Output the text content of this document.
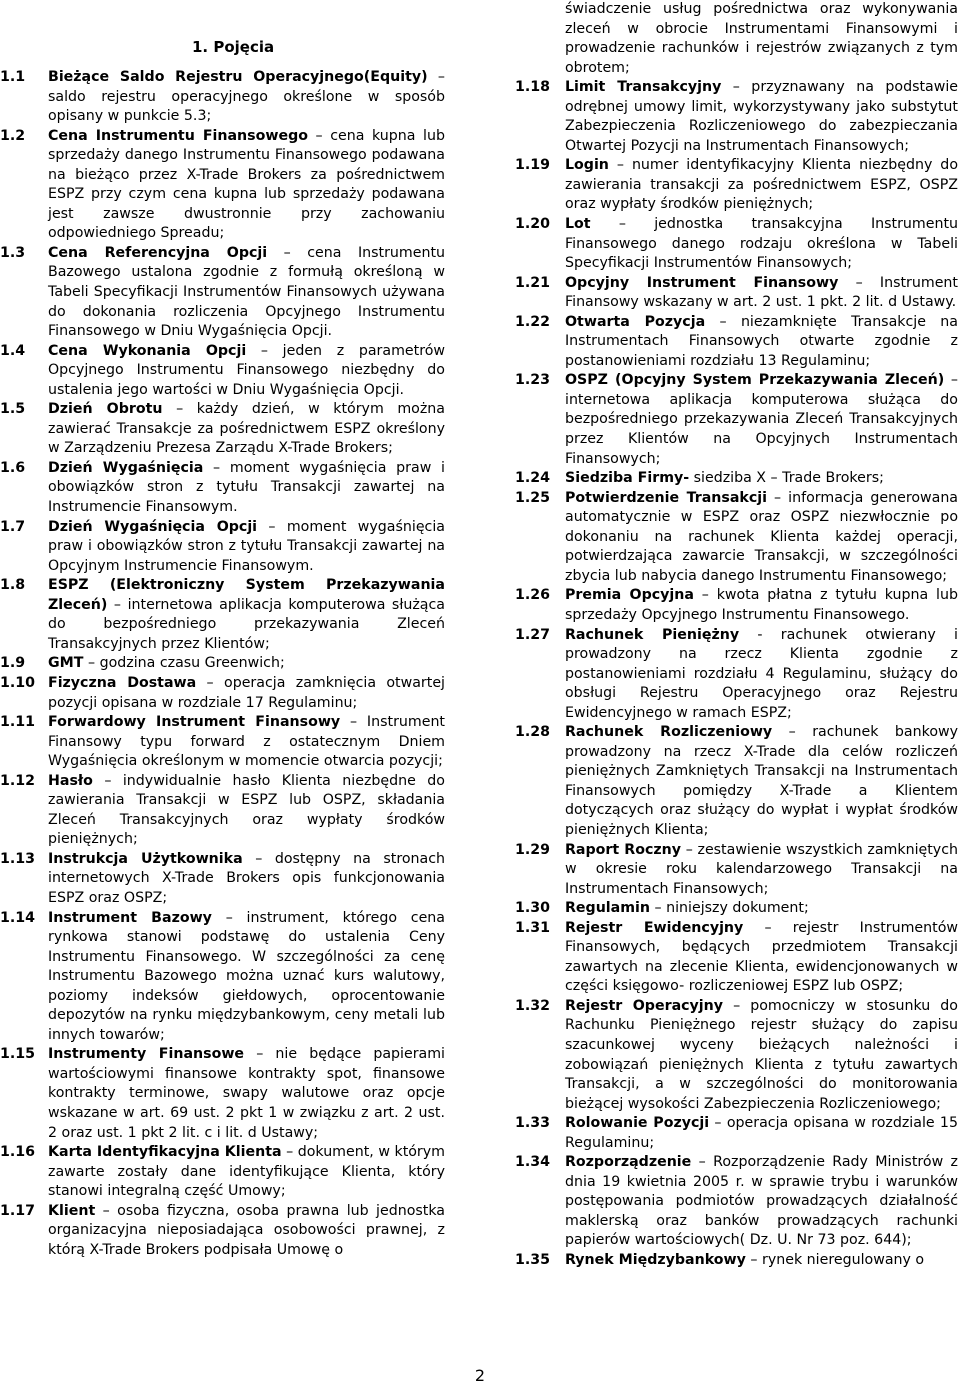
1. Pojęcia
1.1 Bieżące Saldo Rejestru Operacyjnego(Equity) – saldo rejestru operacyjnego określone w sposób opisany w punkcie 5.3;
1.2 Cena Instrumentu Finansowego – cena kupna lub sprzedaży danego Instrumentu Finansowego podawana na bieżąco przez X-Trade Brokers za pośrednictwem ESPZ przy czym cena kupna lub sprzedaży podawana jest zawsze dwustronnie przy zachowaniu odpowiedniego Spreadu;
1.3 Cena Referencyjna Opcji – cena Instrumentu Bazowego ustalona zgodnie z formułą określoną w Tabeli Specyfikacji Instrumentów Finansowych używana do dokonania rozliczenia Opcyjnego Instrumentu Finansowego w Dniu Wygaśnięcia Opcji.
1.4 Cena Wykonania Opcji – jeden z parametrów Opcyjnego Instrumentu Finansowego niezbędny do ustalenia jego wartości w Dniu Wygaśnięcia Opcji.
1.5 Dzień Obrotu – każdy dzień, w którym można zawierać Transakcje za pośrednictwem ESPZ określony w Zarządzeniu Prezesa Zarządu X-Trade Brokers;
1.6 Dzień Wygaśnięcia – moment wygaśnięcia praw i obowiązków stron z tytułu Transakcji zawartej na Instrumencie Finansowym.
1.7 Dzień Wygaśnięcia Opcji – moment wygaśnięcia praw i obowiązków stron z tytułu Transakcji zawartej na Opcyjnym Instrumencie Finansowym.
1.8 ESPZ (Elektroniczny System Przekazywania Zleceń) – internetowa aplikacja komputerowa służąca do bezpośredniego przekazywania Zleceń Transakcyjnych przez Klientów;
1.9 GMT – godzina czasu Greenwich;
1.10 Fizyczna Dostawa – operacja zamknięcia otwartej pozycji opisana w rozdziale 17 Regulaminu;
1.11 Forwardowy Instrument Finansowy – Instrument Finansowy typu forward z ostatecznym Dniem Wygaśnięcia określonym w momencie otwarcia pozycji;
1.12 Hasło – indywidualnie hasło Klienta niezbędne do zawierania Transakcji w ESPZ lub OSPZ, składania Zleceń Transakcyjnych oraz wypłaty środków pieniężnych;
1.13 Instrukcja Użytkownika – dostępny na stronach internetowych X-Trade Brokers opis funkcjonowania ESPZ oraz OSPZ;
1.14 Instrument Bazowy – instrument, którego cena rynkowa stanowi podstawę do ustalenia Ceny Instrumentu Finansowego. W szczególności za cenę Instrumentu Bazowego można uznać kurs walutowy, poziomy indeksów giełdowych, oprocentowanie depozytów na rynku międzybankowym, ceny metali lub innych towarów;
1.15 Instrumenty Finansowe – nie będące papierami wartościowymi finansowe kontrakty spot, finansowe kontrakty terminowe, swapy walutowe oraz opcje wskazane w art. 69 ust. 2 pkt 1 w związku z art. 2 ust. 2 oraz ust. 1 pkt 2 lit. c i lit. d Ustawy;
1.16 Karta Identyfikacyjna Klienta – dokument, w którym zawarte zostały dane identyfikujące Klienta, który stanowi integralną część Umowy;
1.17 Klient – osoba fizyczna, osoba prawna lub jednostka organizacyjna nieposiadająca osobowości prawnej, z którą X-Trade Brokers podpisała Umowę o
świadczenie usług pośrednictwa oraz wykonywania zleceń w obrocie Instrumentami Finansowymi i prowadzenie rachunków i rejestrów związanych z tym obrotem;
1.18 Limit Transakcyjny – przyznawany na podstawie odrębnej umowy limit, wykorzystywany jako substytut Zabezpieczenia Rozliczeniowego do zabezpieczania Otwartej Pozycji na Instrumentach Finansowych;
1.19 Login – numer identyfikacyjny Klienta niezbędny do zawierania transakcji za pośrednictwem ESPZ, OSPZ oraz wypłaty środków pieniężnych;
1.20 Lot – jednostka transakcyjna Instrumentu Finansowego danego rodzaju określona w Tabeli Specyfikacji Instrumentów Finansowych;
1.21 Opcyjny Instrument Finansowy – Instrument Finansowy wskazany w art. 2 ust. 1 pkt. 2 lit. d Ustawy.
1.22 Otwarta Pozycja – niezamknięte Transakcje na Instrumentach Finansowych otwarte zgodnie z postanowieniami rozdziału 13 Regulaminu;
1.23 OSPZ (Opcyjny System Przekazywania Zleceń) – internetowa aplikacja komputerowa służąca do bezpośredniego przekazywania Zleceń Transakcyjnych przez Klientów na Opcyjnych Instrumentach Finansowych;
1.24 Siedziba Firmy- siedziba X – Trade Brokers;
1.25 Potwierdzenie Transakcji – informacja generowana automatycznie w ESPZ oraz OSPZ niezwłocznie po dokonaniu na rachunek Klienta każdej operacji, potwierdzająca zawarcie Transakcji, w szczególności zbycia lub nabycia danego Instrumentu Finansowego;
1.26 Premia Opcyjna – kwota płatna z tytułu kupna lub sprzedaży Opcyjnego Instrumentu Finansowego.
1.27 Rachunek Pieniężny - rachunek otwierany i prowadzony na rzecz Klienta zgodnie z postanowieniami rozdziału 4 Regulaminu, służący do obsługi Rejestru Operacyjnego oraz Rejestru Ewidencyjnego w ramach ESPZ;
1.28 Rachunek Rozliczeniowy – rachunek bankowy prowadzony na rzecz X-Trade dla celów rozliczeń pieniężnych Zamkniętych Transakcji na Instrumentach Finansowych pomiędzy X-Trade a Klientem dotyczących oraz służący do wypłat i wypłat środków pieniężnych Klienta;
1.29 Raport Roczny – zestawienie wszystkich zamkniętych w okresie roku kalendarzowego Transakcji na Instrumentach Finansowych;
1.30 Regulamin – niniejszy dokument;
1.31 Rejestr Ewidencyjny – rejestr Instrumentów Finansowych, będących przedmiotem Transakcji zawartych na zlecenie Klienta, ewidencjonowanych w części księgowo- rozliczeniowej ESPZ lub OSPZ;
1.32 Rejestr Operacyjny – pomocniczy w stosunku do Rachunku Pieniężnego rejestr służący do zapisu szacunkowej wyceny bieżących należności i zobowiązań pieniężnych Klienta z tytułu zawartych Transakcji, a w szczególności do monitorowania bieżącej wysokości Zabezpieczenia Rozliczeniowego;
1.33 Rolowanie Pozycji – operacja opisana w rozdziale 15 Regulaminu;
1.34 Rozporządzenie – Rozporządzenie Rady Ministrów z dnia 19 kwietnia 2005 r. w sprawie trybu i warunków postępowania podmiotów prowadzących działalność maklerską oraz banków prowadzących rachunki papierów wartościowych( Dz. U. Nr 73 poz. 644);
1.35 Rynek Międzybankowy – rynek nieregulowany o
2
